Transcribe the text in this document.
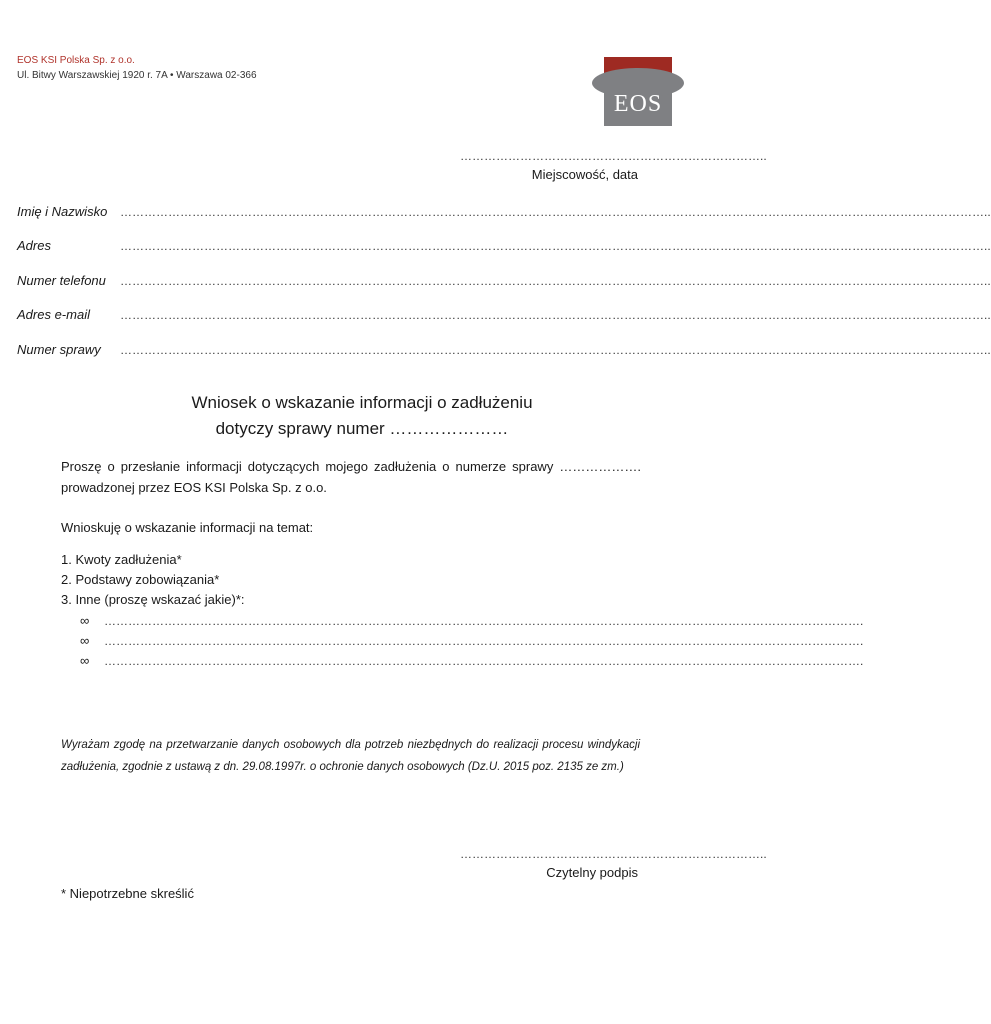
EOS KSI Polska Sp. z o.o.
Ul. Bitwy Warszawskiej 1920 r. 7A • Warszawa 02-366
EOS
…………………………………………………………………..
Miejscowość, data
Imię i Nazwisko ………………………………………………………………………………………………………………………………………………………………………………………………..
Adres	………………………………………………………………………………………………………………………………………………………………………………………………..
Numer telefonu ………………………………………………………………………………………………………………………………………………………………………………………………..
Adres e-mail	………………………………………………………………………………………………………………………………………………………………………………………………..
Numer sprawy ………………………………………………………………………………………………………………………………………………………………………………………………..
Wniosek o wskazanie informacji o zadłużeniu
dotyczy sprawy numer …………………
Proszę o przesłanie informacji dotyczących mojego zadłużenia o numerze sprawy ……………….
prowadzonej przez EOS KSI Polska Sp. z o.o.
Wnioskuję o wskazanie informacji na temat:
1. Kwoty zadłużenia*
2. Podstawy zobowiązania*
3. Inne (proszę wskazać jakie)*:
∞ ……………………………………………………………………………………………………………………………………………………………………….
∞ ……………………………………………………………………………………………………………………………………………………………………….
∞ ……………………………………………………………………………………………………………………………………………………………………….
Wyrażam zgodę na przetwarzanie danych osobowych dla potrzeb niezbędnych do realizacji procesu windykacji zadłużenia, zgodnie z ustawą z dn. 29.08.1997r. o ochronie danych osobowych (Dz.U. 2015 poz. 2135 ze zm.)
…………………………………………………………………..
Czytelny podpis
* Niepotrzebne skreślić
